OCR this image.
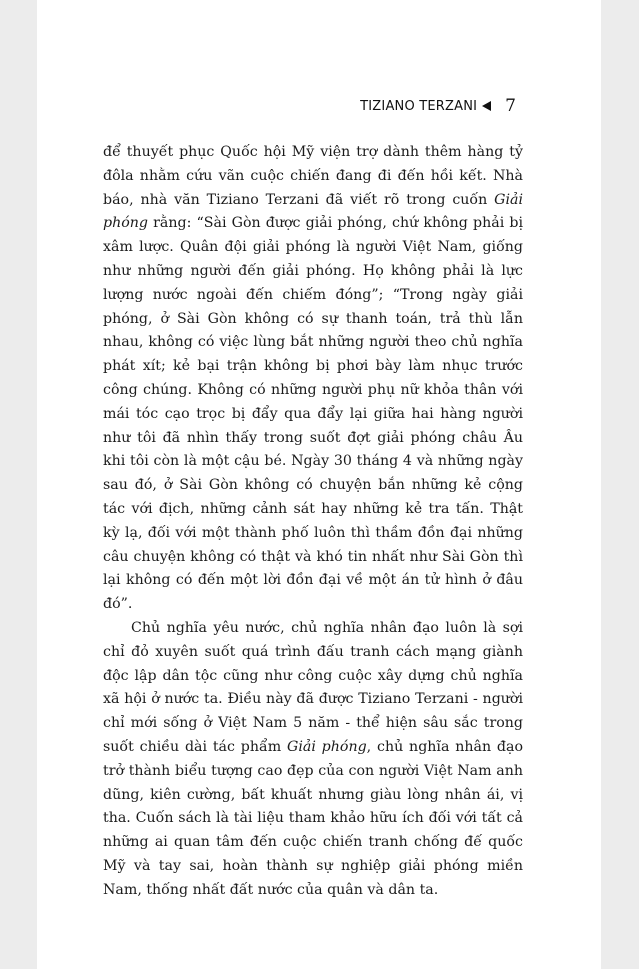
TIZIANO TERZANI 7

để thuyết phục Quốc hội Mỹ viện trợ dành thêm hàng tỷ đôla nhằm cứu vãn cuộc chiến đang đi đến hồi kết. Nhà báo, nhà văn Tiziano Terzani đã viết rõ trong cuốn Giải phóng rằng: “Sài Gòn được giải phóng, chứ không phải bị xâm lược. Quân đội giải phóng là người Việt Nam, giống như những người đến giải phóng. Họ không phải là lực lượng nước ngoài đến chiếm đóng”; “Trong ngày giải phóng, ở Sài Gòn không có sự thanh toán, trả thù lẫn nhau, không có việc lùng bắt những người theo chủ nghĩa phát xít; kẻ bại trận không bị phơi bày làm nhục trước công chúng. Không có những người phụ nữ khỏa thân với mái tóc cạo trọc bị đẩy qua đẩy lại giữa hai hàng người như tôi đã nhìn thấy trong suốt đợt giải phóng châu Âu khi tôi còn là một cậu bé. Ngày 30 tháng 4 và những ngày sau đó, ở Sài Gòn không có chuyện bắn những kẻ cộng tác với địch, những cảnh sát hay những kẻ tra tấn. Thật kỳ lạ, đối với một thành phố luôn thì thầm đồn đại những câu chuyện không có thật và khó tin nhất như Sài Gòn thì lại không có đến một lời đồn đại về một án tử hình ở đâu đó”.

Chủ nghĩa yêu nước, chủ nghĩa nhân đạo luôn là sợi chỉ đỏ xuyên suốt quá trình đấu tranh cách mạng giành độc lập dân tộc cũng như công cuộc xây dựng chủ nghĩa xã hội ở nước ta. Điều này đã được Tiziano Terzani - người chỉ mới sống ở Việt Nam 5 năm - thể hiện sâu sắc trong suốt chiều dài tác phẩm Giải phóng, chủ nghĩa nhân đạo trở thành biểu tượng cao đẹp của con người Việt Nam anh dũng, kiên cường, bất khuất nhưng giàu lòng nhân ái, vị tha. Cuốn sách là tài liệu tham khảo hữu ích đối với tất cả những ai quan tâm đến cuộc chiến tranh chống đế quốc Mỹ và tay sai, hoàn thành sự nghiệp giải phóng miền Nam, thống nhất đất nước của quân và dân ta.
